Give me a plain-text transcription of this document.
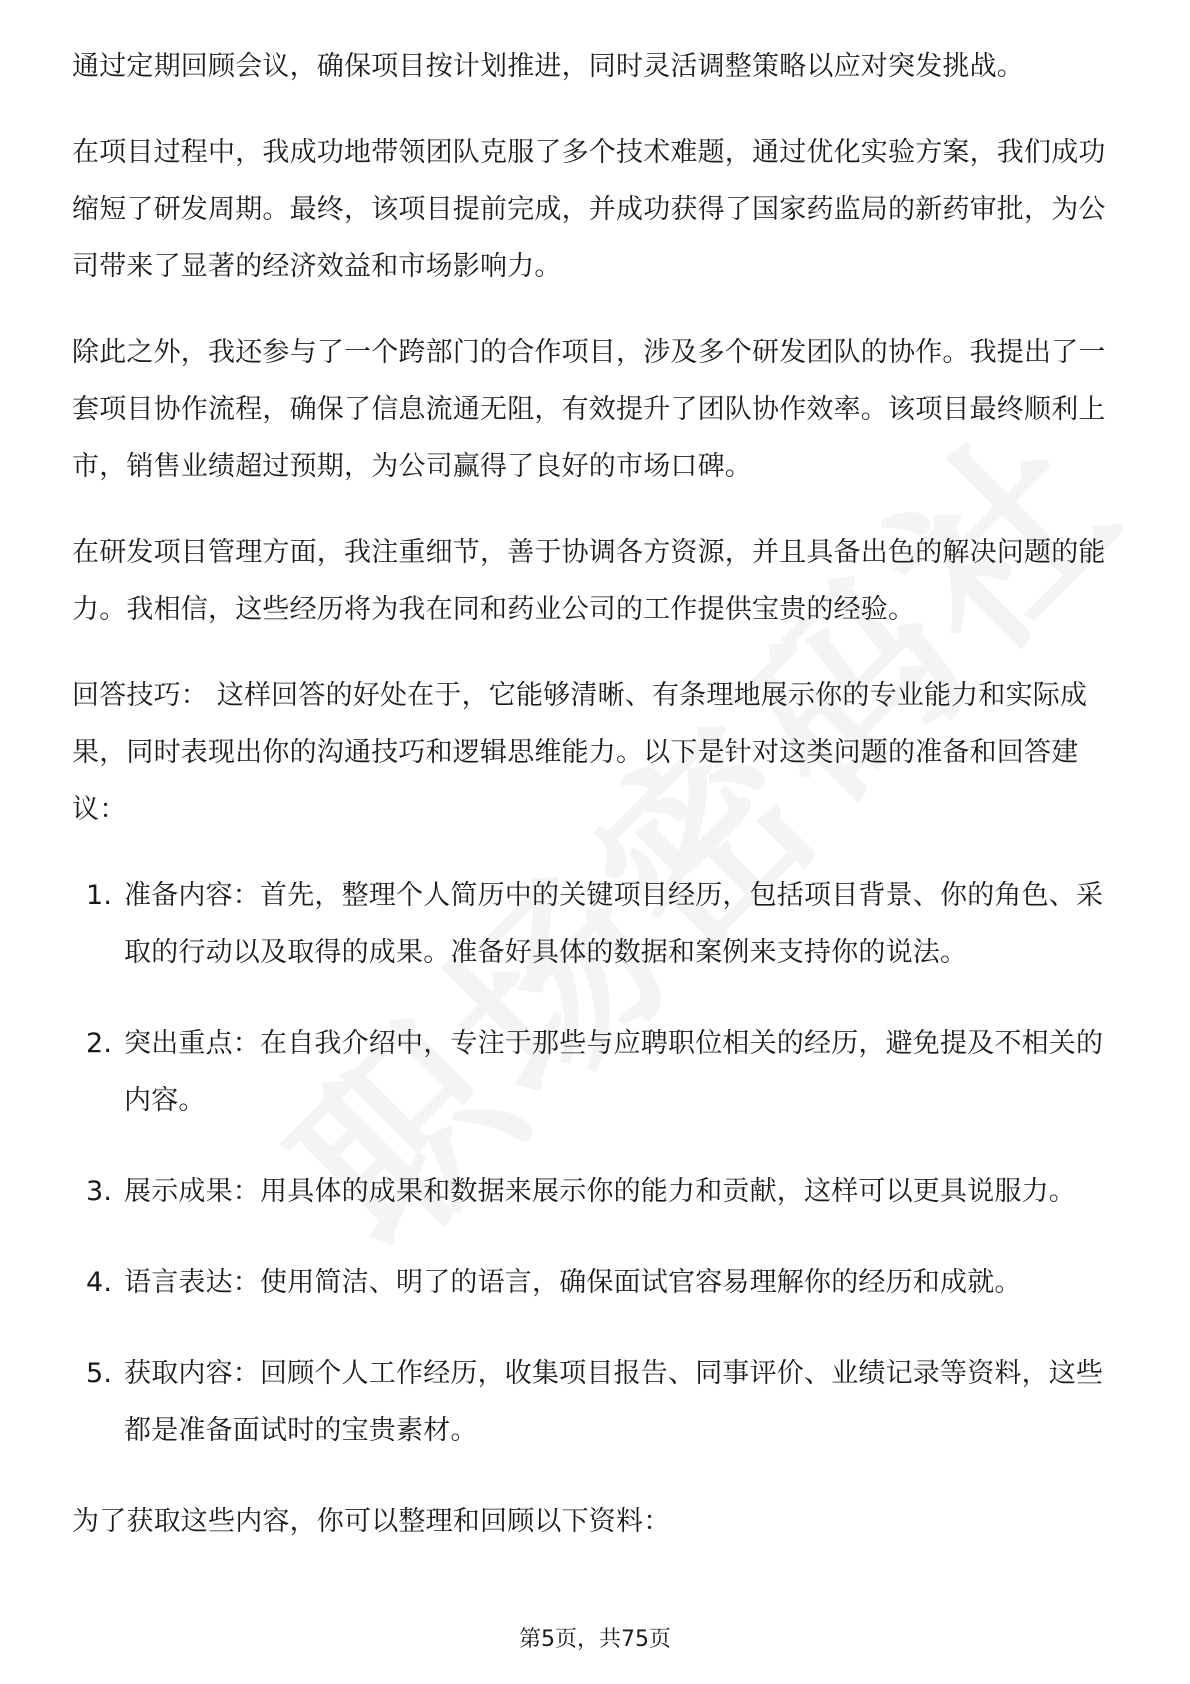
通过定期回顾会议，确保项目按计划推进，同时灵活调整策略以应对突发挑战。

在项目过程中，我成功地带领团队克服了多个技术难题，通过优化实验方案，我们成功缩短了研发周期。最终，该项目提前完成，并成功获得了国家药监局的新药审批，为公司带来了显著的经济效益和市场影响力。

除此之外，我还参与了一个跨部门的合作项目，涉及多个研发团队的协作。我提出了一套项目协作流程，确保了信息流通无阻，有效提升了团队协作效率。该项目最终顺利上市，销售业绩超过预期，为公司赢得了良好的市场口碑。

在研发项目管理方面，我注重细节，善于协调各方资源，并且具备出色的解决问题的能力。我相信，这些经历将为我在同和药业公司的工作提供宝贵的经验。

回答技巧： 这样回答的好处在于，它能够清晰、有条理地展示你的专业能力和实际成果，同时表现出你的沟通技巧和逻辑思维能力。以下是针对这类问题的准备和回答建议：

1. 准备内容：首先，整理个人简历中的关键项目经历，包括项目背景、你的角色、采取的行动以及取得的成果。准备好具体的数据和案例来支持你的说法。
2. 突出重点：在自我介绍中，专注于那些与应聘职位相关的经历，避免提及不相关的内容。
3. 展示成果：用具体的成果和数据来展示你的能力和贡献，这样可以更具说服力。
4. 语言表达：使用简洁、明了的语言，确保面试官容易理解你的经历和成就。
5. 获取内容：回顾个人工作经历，收集项目报告、同事评价、业绩记录等资料，这些都是准备面试时的宝贵素材。

为了获取这些内容，你可以整理和回顾以下资料：

第5页，共75页
